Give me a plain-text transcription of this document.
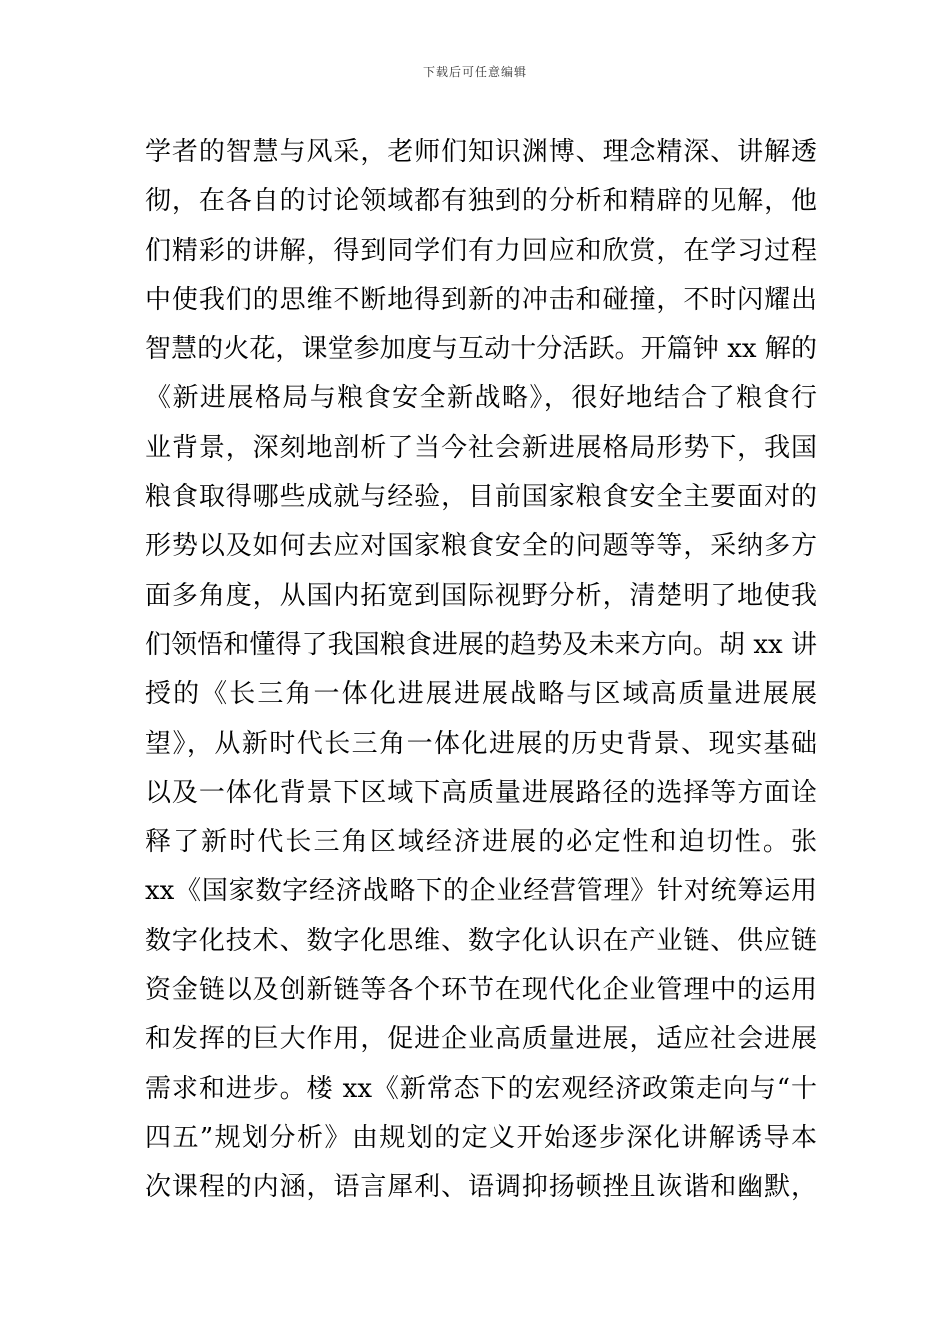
下载后可任意编辑
学者的智慧与风采，老师们知识渊博、理念精深、讲解透
彻，在各自的讨论领域都有独到的分析和精辟的见解，他
们精彩的讲解，得到同学们有力回应和欣赏，在学习过程
中使我们的思维不断地得到新的冲击和碰撞，不时闪耀出
智慧的火花，课堂参加度与互动十分活跃。开篇钟 xx 解的
《新进展格局与粮食安全新战略》，很好地结合了粮食行
业背景，深刻地剖析了当今社会新进展格局形势下，我国
粮食取得哪些成就与经验，目前国家粮食安全主要面对的
形势以及如何去应对国家粮食安全的问题等等，采纳多方
面多角度，从国内拓宽到国际视野分析，清楚明了地使我
们领悟和懂得了我国粮食进展的趋势及未来方向。胡 xx 讲
授的《长三角一体化进展进展战略与区域高质量进展展
望》，从新时代长三角一体化进展的历史背景、现实基础
以及一体化背景下区域下高质量进展路径的选择等方面诠
释了新时代长三角区域经济进展的必定性和迫切性。张
xx《国家数字经济战略下的企业经营管理》针对统筹运用
数字化技术、数字化思维、数字化认识在产业链、供应链
资金链以及创新链等各个环节在现代化企业管理中的运用
和发挥的巨大作用，促进企业高质量进展，适应社会进展
需求和进步。楼 xx《新常态下的宏观经济政策走向与“十
四五”规划分析》由规划的定义开始逐步深化讲解诱导本
次课程的内涵，语言犀利、语调抑扬顿挫且诙谐和幽默，
